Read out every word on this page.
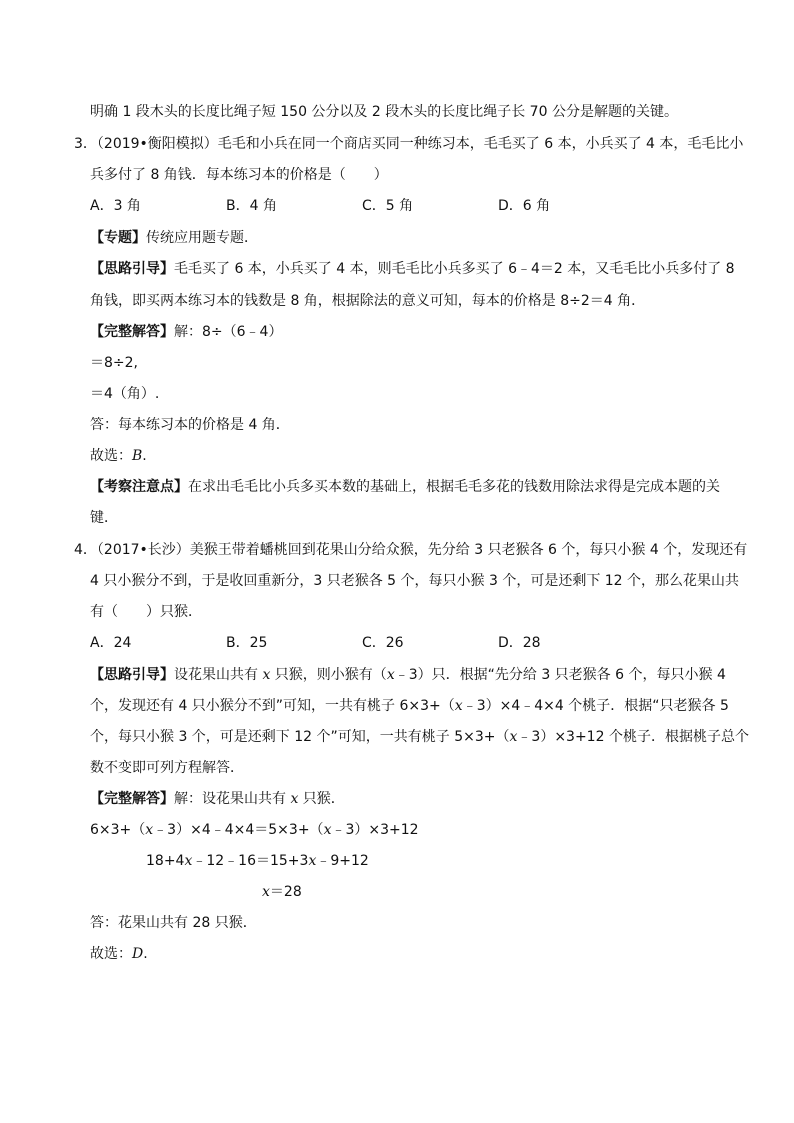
明确 1 段木头的长度比绳子短 150 公分以及 2 段木头的长度比绳子长 70 公分是解题的关键。
3．（2019•衡阳模拟）毛毛和小兵在同一个商店买同一种练习本，毛毛买了 6 本，小兵买了 4 本，毛毛比小
兵多付了 8 角钱．每本练习本的价格是（　　）
A．3 角	B．4 角	C．5 角	D．6 角
【专题】传统应用题专题．
【思路引导】毛毛买了 6 本，小兵买了 4 本，则毛毛比小兵多买了 6﹣4＝2 本，又毛毛比小兵多付了 8
角钱，即买两本练习本的钱数是 8 角，根据除法的意义可知，每本的价格是 8÷2＝4 角．
【完整解答】解：8÷（6﹣4）
＝8÷2,
＝4（角）.
答：每本练习本的价格是 4 角．
故选：B.
【考察注意点】在求出毛毛比小兵多买本数的基础上，根据毛毛多花的钱数用除法求得是完成本题的关
键．
4．（2017•长沙）美猴王带着蟠桃回到花果山分给众猴，先分给 3 只老猴各 6 个，每只小猴 4 个，发现还有
4 只小猴分不到，于是收回重新分，3 只老猴各 5 个，每只小猴 3 个，可是还剩下 12 个，那么花果山共
有（　　）只猴．
A．24	B．25	C．26	D．28
【思路引导】设花果山共有 x 只猴，则小猴有（x﹣3）只．根据“先分给 3 只老猴各 6 个，每只小猴 4
个，发现还有 4 只小猴分不到”可知，一共有桃子 6×3+（x﹣3）×4﹣4×4 个桃子．根据“只老猴各 5
个，每只小猴 3 个，可是还剩下 12 个”可知，一共有桃子 5×3+（x﹣3）×3+12 个桃子．根据桃子总个
数不变即可列方程解答．
【完整解答】解：设花果山共有 x 只猴．
6×3+（x﹣3）×4﹣4×4＝5×3+（x﹣3）×3+12
18+4x﹣12﹣16＝15+3x﹣9+12
x＝28
答：花果山共有 28 只猴．
故选：D.
